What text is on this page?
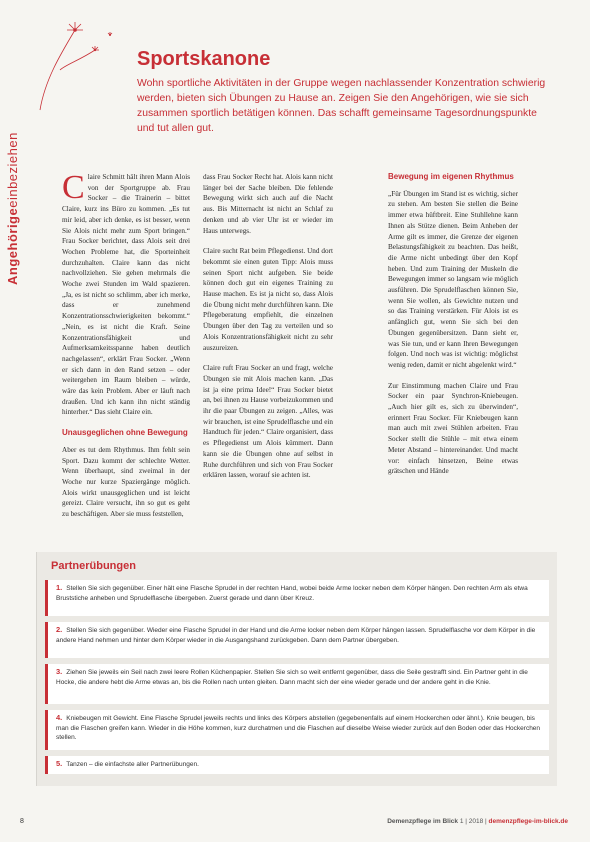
Angehörigeeinbeziehen
Sportskanone
Wohn sportliche Aktivitäten in der Gruppe wegen nachlassender Konzentration schwierig werden, bieten sich Übungen zu Hause an. Zeigen Sie den Angehörigen, wie sie sich zusammen sportlich betätigen können. Das schafft gemeinsame Tagesordnungspunkte und tut allen gut.

Claire Schmitt hält ihren Mann Alois von der Sportgruppe ab. Frau Socker – die Trainerin – bittet Claire, kurz ins Büro zu kommen. „Es tut mir leid, aber ich denke, es ist besser, wenn Sie Alois nicht mehr zum Sport bringen.“ Frau Socker berichtet, dass Alois seit drei Wochen Probleme hat, die Sporteinheit durchzuhalten. Claire kann das nicht nachvollziehen. Sie gehen mehrmals die Woche zwei Stunden im Wald spazieren. „Ja, es ist nicht so schlimm, aber ich merke, dass er zunehmend Konzentrationsschwierigkeiten bekommt.“ „Nein, es ist nicht die Kraft. Seine Konzentrationsfähigkeit und Aufmerksamkeitsspanne haben deutlich nachgelassen“, erklärt Frau Socker. „Wenn er sich dann in den Rand setzen – oder weitergehen im Raum bleiben – würde, wäre das kein Problem. Aber er läuft nach draußen. Und ich kann ihn nicht ständig hinterher.“ Das sieht Claire ein.

Unausgeglichen ohne Bewegung

Aber es tut dem Rhythmus. Ihm fehlt sein Sport. Dazu kommt der schlechte Wetter. Wenn überhaupt, sind zweimal in der Woche nur kurze Spaziergänge möglich. Alois wirkt unausgeglichen und ist leicht gereizt. Claire versucht, ihn so gut es geht zu beschäftigen. Aber sie muss feststellen,

dass Frau Socker Recht hat. Alois kann nicht länger bei der Sache bleiben. Die fehlende Bewegung wirkt sich auch auf die Nacht aus. Bis Mitternacht ist nicht an Schlaf zu denken und ab vier Uhr ist er wieder im Haus unterwegs.

Claire sucht Rat beim Pflegedienst. Und dort bekommt sie einen guten Tipp: Alois muss seinen Sport nicht aufgeben. Sie beide können doch gut ein eigenes Training zu Hause machen. Es ist ja nicht so, dass Alois die Übung nicht mehr durchführen kann. Die Pflegeberatung empfiehlt, die einzelnen Übungen über den Tag zu verteilen und so Alois Konzentrationsfähigkeit nicht zu sehr auszureizen.

Claire ruft Frau Socker an und fragt, welche Übungen sie mit Alois machen kann. „Das ist ja eine prima Idee!“ Frau Socker bietet an, bei ihnen zu Hause vorbeizukommen und ihr die paar Übungen zu zeigen. „Alles, was wir brauchen, ist eine Sprudelflasche und ein Handtuch für jeden.“ Claire organisiert, dass es Pflegedienst um Alois kümmert. Dann kann sie die Übungen ohne auf selbst in Ruhe durchführen und sich von Frau Socker erklären lassen, worauf sie achten ist.

Bewegung im eigenen Rhythmus

„Für Übungen im Stand ist es wichtig, sicher zu stehen. Am besten Sie stellen die Beine immer etwa hüftbreit. Eine Stuhllehne kann Ihnen als Stütze dienen. Beim Anheben der Arme gilt es immer, die Grenze der eigenen Belastungsfähigkeit zu beachten. Das heißt, die Arme nicht unbedingt über den Kopf heben. Und zum Training der Muskeln die Bewegungen immer so langsam wie möglich ausführen. Die Sprudelflaschen können Sie, wenn Sie wollen, als Gewichte nutzen und so das Training verstärken. Für Alois ist es anfänglich gut, wenn Sie sich bei den Übungen gegenübersitzen. Dann sieht er, was Sie tun, und er kann Ihren Bewegungen folgen. Und noch was ist wichtig: möglichst wenig reden, damit er nicht abgelenkt wird.“

Zur Einstimmung machen Claire und Frau Socker ein paar Synchron-Kniebeugen. „Auch hier gilt es, sich zu überwinden“, erinnert Frau Socker. Für Kniebeugen kann man auch mit zwei Stühlen arbeiten. Frau Socker stellt die Stühle – mit etwa einem Meter Abstand – hintereinander. Und macht vor: einfach hinsetzen, Beine etwas grätschen und Hände

Partnerübungen
1. Stellen Sie sich gegenüber. Einer hält eine Flasche Sprudel in der rechten Hand, wobei beide Arme locker neben dem Körper hängen. Den rechten Arm als etwa Bruststiche anheben und Sprudelflasche übergeben. Zuerst gerade und dann über Kreuz.
2. Stellen Sie sich gegenüber. Wieder eine Flasche Sprudel in der Hand und die Arme locker neben dem Körper hängen lassen. Sprudelflasche vor dem Körper in die andere Hand nehmen und hinter dem Körper wieder in die Ausgangshand zurückgeben. Dann dem Partner übergeben.
3. Ziehen Sie jeweils ein Seil nach zwei leere Rollen Küchenpapier. Stellen Sie sich so weit entfernt gegenüber, dass die Seile gestrafft sind. Ein Partner geht in die Hocke, die andere hebt die Arme etwas an, bis die Rollen nach unten gleiten. Dann macht sich der eine wieder gerade und der andere geht in die Knie.
4. Kniebeugen mit Gewicht. Eine Flasche Sprudel jeweils rechts und links des Körpers abstellen (gegebenenfalls auf einem Hockerchen oder ähnl.). Knie beugen, bis man die Flaschen greifen kann. Wieder in die Höhe kommen, kurz durchatmen und die Flaschen auf dieselbe Weise wieder zurück auf den Boden oder das Hockerchen stellen.
5. Tanzen – die einfachste aller Partnerübungen.
8	Demenzpflege im Blick 1 | 2018 | demenzpflege-im-blick.de
